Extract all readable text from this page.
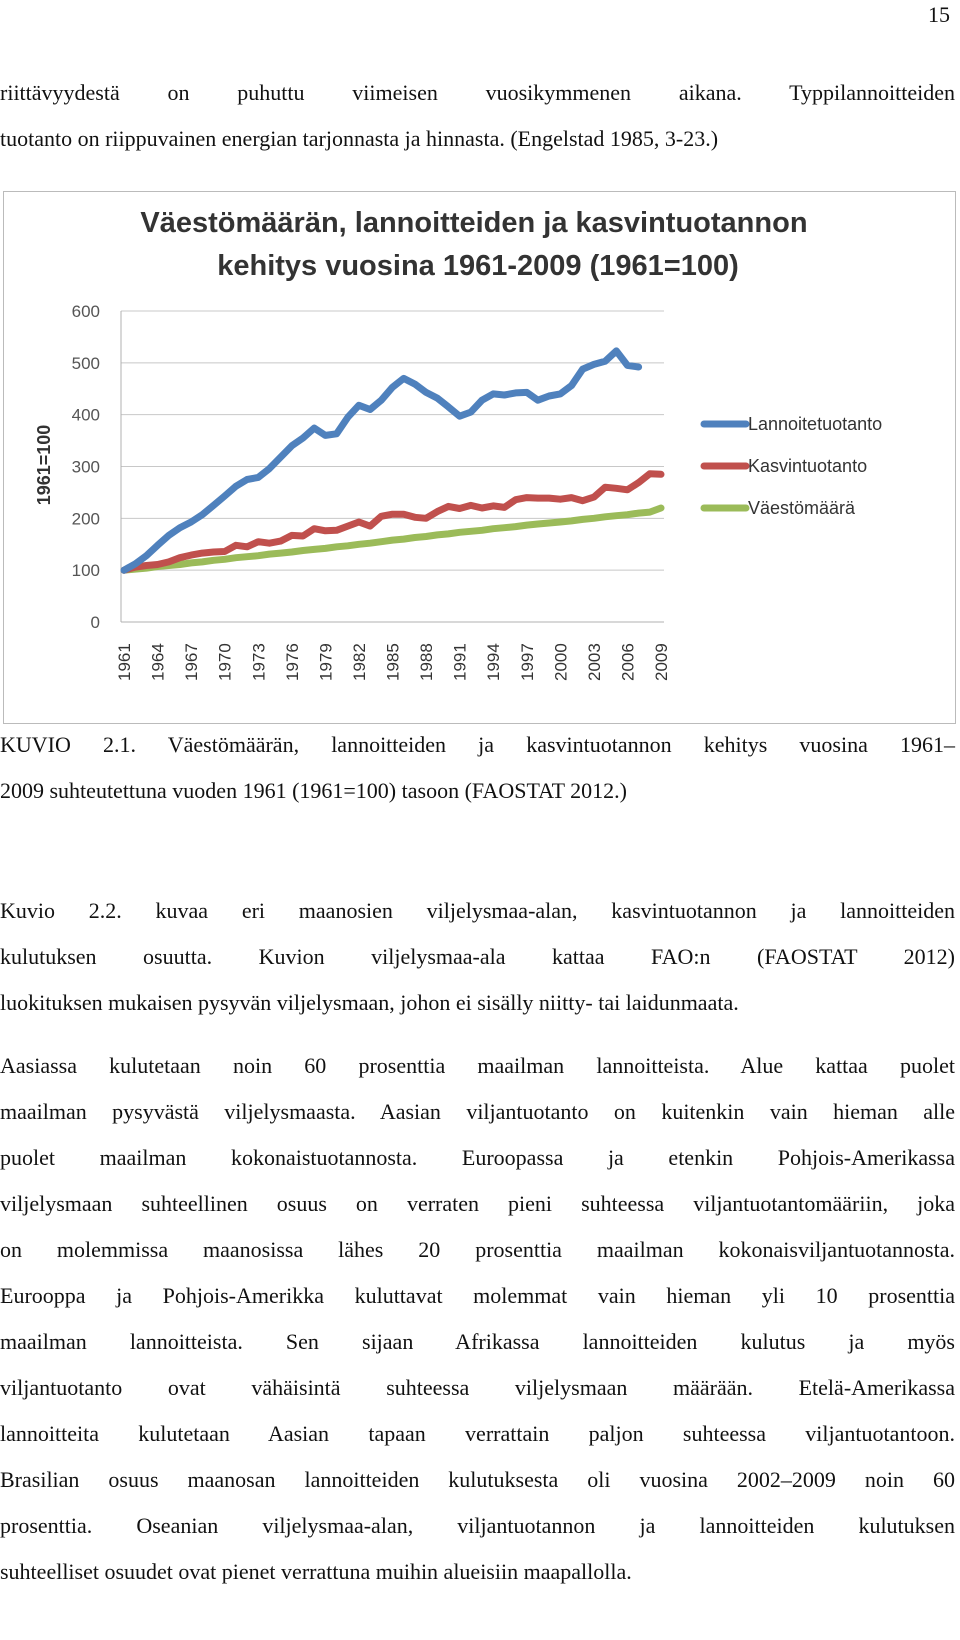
15

riittävyydestä on puhuttu viimeisen vuosikymmenen aikana. Typpilannoitteiden
tuotanto on riippuvainen energian tarjonnasta ja hinnasta. (Engelstad 1985, 3-23.)

Väestömäärän, lannoitteiden ja kasvintuotannon kehitys vuosina 1961-2009 (1961=100)
1961=100
0
100
200
300
400
500
600
1961 1964 1967 1970 1973 1976 1979 1982 1985 1988 1991 1994 1997 2000 2003 2006 2009
Lannoitetuotanto
Kasvintuotanto
Väestömäärä

KUVIO 2.1. Väestömäärän, lannoitteiden ja kasvintuotannon kehitys vuosina 1961–
2009 suhteutettuna vuoden 1961 (1961=100) tasoon (FAOSTAT 2012.)

Kuvio 2.2. kuvaa eri maanosien viljelysmaa-alan, kasvintuotannon ja lannoitteiden
kulutuksen osuutta. Kuvion viljelysmaa-ala kattaa FAO:n (FAOSTAT 2012)
luokituksen mukaisen pysyvän viljelysmaan, johon ei sisälly niitty- tai laidunmaata.

Aasiassa kulutetaan noin 60 prosenttia maailman lannoitteista. Alue kattaa puolet
maailman pysyvästä viljelysmaasta. Aasian viljantuotanto on kuitenkin vain hieman alle
puolet maailman kokonaistuotannosta. Euroopassa ja etenkin Pohjois-Amerikassa
viljelysmaan suhteellinen osuus on verraten pieni suhteessa viljantuotantomääriin, joka
on molemmissa maanosissa lähes 20 prosenttia maailman kokonaisviljantuotannosta.
Eurooppa ja Pohjois-Amerikka kuluttavat molemmat vain hieman yli 10 prosenttia
maailman lannoitteista. Sen sijaan Afrikassa lannoitteiden kulutus ja myös
viljantuotanto ovat vähäisintä suhteessa viljelysmaan määrään. Etelä-Amerikassa
lannoitteita kulutetaan Aasian tapaan verrattain paljon suhteessa viljantuotantoon.
Brasilian osuus maanosan lannoitteiden kulutuksesta oli vuosina 2002–2009 noin 60
prosenttia. Oseanian viljelysmaa-alan, viljantuotannon ja lannoitteiden kulutuksen
suhteelliset osuudet ovat pienet verrattuna muihin alueisiin maapallolla.
